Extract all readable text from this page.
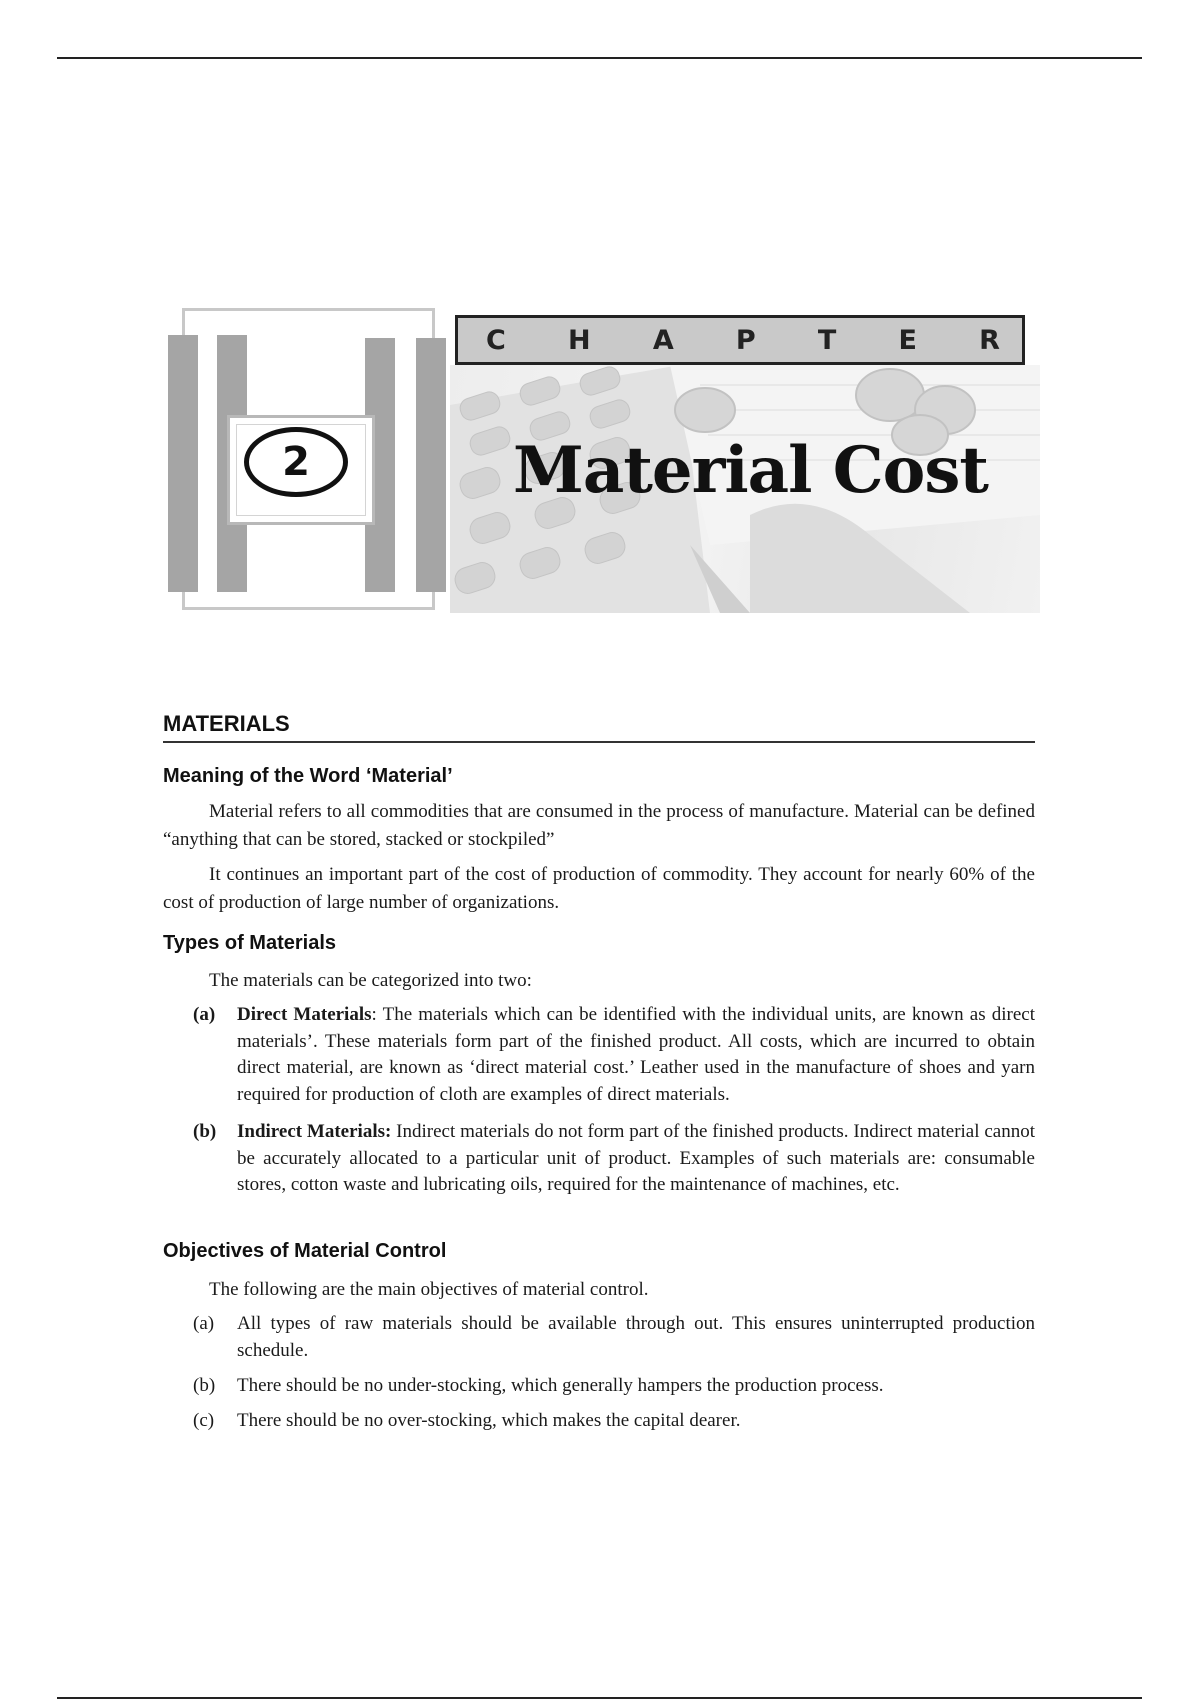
2
C H A P T E R
Material Cost
MATERIALS
Meaning of the Word ‘Material’

Material refers to all commodities that are consumed in the process of manufacture. Material can be defined “anything that can be stored, stacked or stockpiled”

It continues an important part of the cost of production of commodity. They account for nearly 60% of the cost of production of large number of organizations.

Types of Materials

The materials can be categorized into two:

(a) Direct Materials: The materials which can be identified with the individual units, are known as direct materials’. These materials form part of the finished product. All costs, which are incurred to obtain direct material, are known as ‘direct material cost.’ Leather used in the manufacture of shoes and yarn required for production of cloth are examples of direct materials.
(b) Indirect Materials: Indirect materials do not form part of the finished products. Indirect material cannot be accurately allocated to a particular unit of product. Examples of such materials are: consumable stores, cotton waste and lubricating oils, required for the maintenance of machines, etc.
Objectives of Material Control

The following are the main objectives of material control.

(a) All types of raw materials should be available through out. This ensures uninterrupted production schedule.
(b) There should be no under-stocking, which generally hampers the production process.
(c) There should be no over-stocking, which makes the capital dearer.
